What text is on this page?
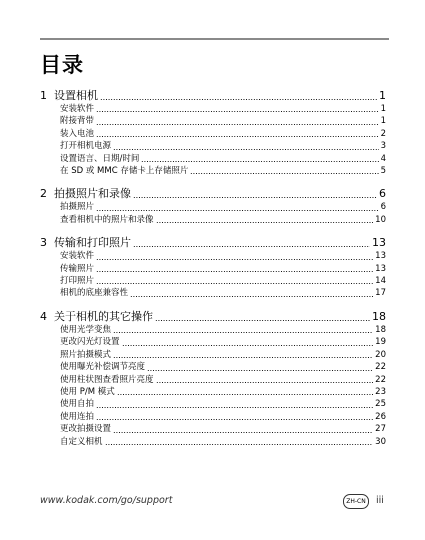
目录
1 设置相机	1
安装软件	1
附接背带	1
装入电池	2
打开相机电源	3
设置语言、日期/时间	4
在 SD 或 MMC 存储卡上存储照片	5
2 拍摄照片和录像	6
拍摄照片	6
查看相机中的照片和录像	10
3 传输和打印照片	13
安装软件	13
传输照片	13
打印照片	14
相机的底座兼容性	17
4 关于相机的其它操作	18
使用光学变焦	18
更改闪光灯设置	19
照片拍摄模式	20
使用曝光补偿调节亮度	22
使用柱状图查看照片亮度	22
使用 P/M 模式	23
使用自拍	25
使用连拍	26
更改拍摄设置	27
自定义相机	30
www.kodak.com/go/support	ZH-CN	iii
